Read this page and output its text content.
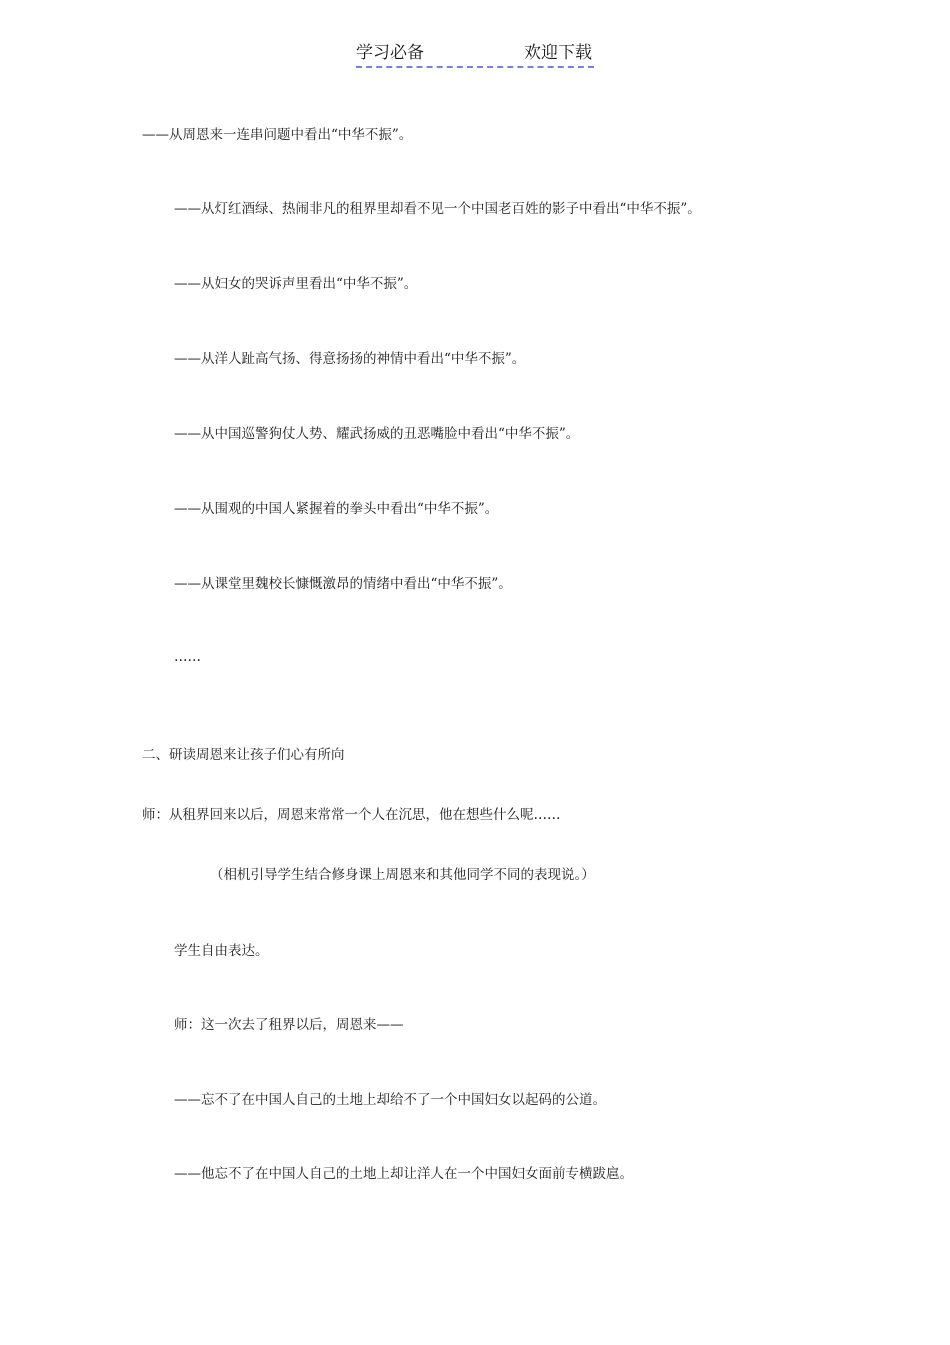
学习必备	欢迎下载
——从周恩来一连串问题中看出“中华不振”。
——从灯红酒绿、热闹非凡的租界里却看不见一个中国老百姓的影子中看出“中华不振”。
——从妇女的哭诉声里看出“中华不振”。
——从洋人趾高气扬、得意扬扬的神情中看出“中华不振”。
——从中国巡警狗仗人势、耀武扬威的丑恶嘴脸中看出“中华不振”。
——从围观的中国人紧握着的拳头中看出“中华不振”。
——从课堂里魏校长慷慨激昂的情绪中看出“中华不振”。
……
二、研读周恩来让孩子们心有所向
师：从租界回来以后，周恩来常常一个人在沉思，他在想些什么呢……
（相机引导学生结合修身课上周恩来和其他同学不同的表现说。）
学生自由表达。
师：这一次去了租界以后，周恩来——
——忘不了在中国人自己的土地上却给不了一个中国妇女以起码的公道。
——他忘不了在中国人自己的土地上却让洋人在一个中国妇女面前专横跋扈。
